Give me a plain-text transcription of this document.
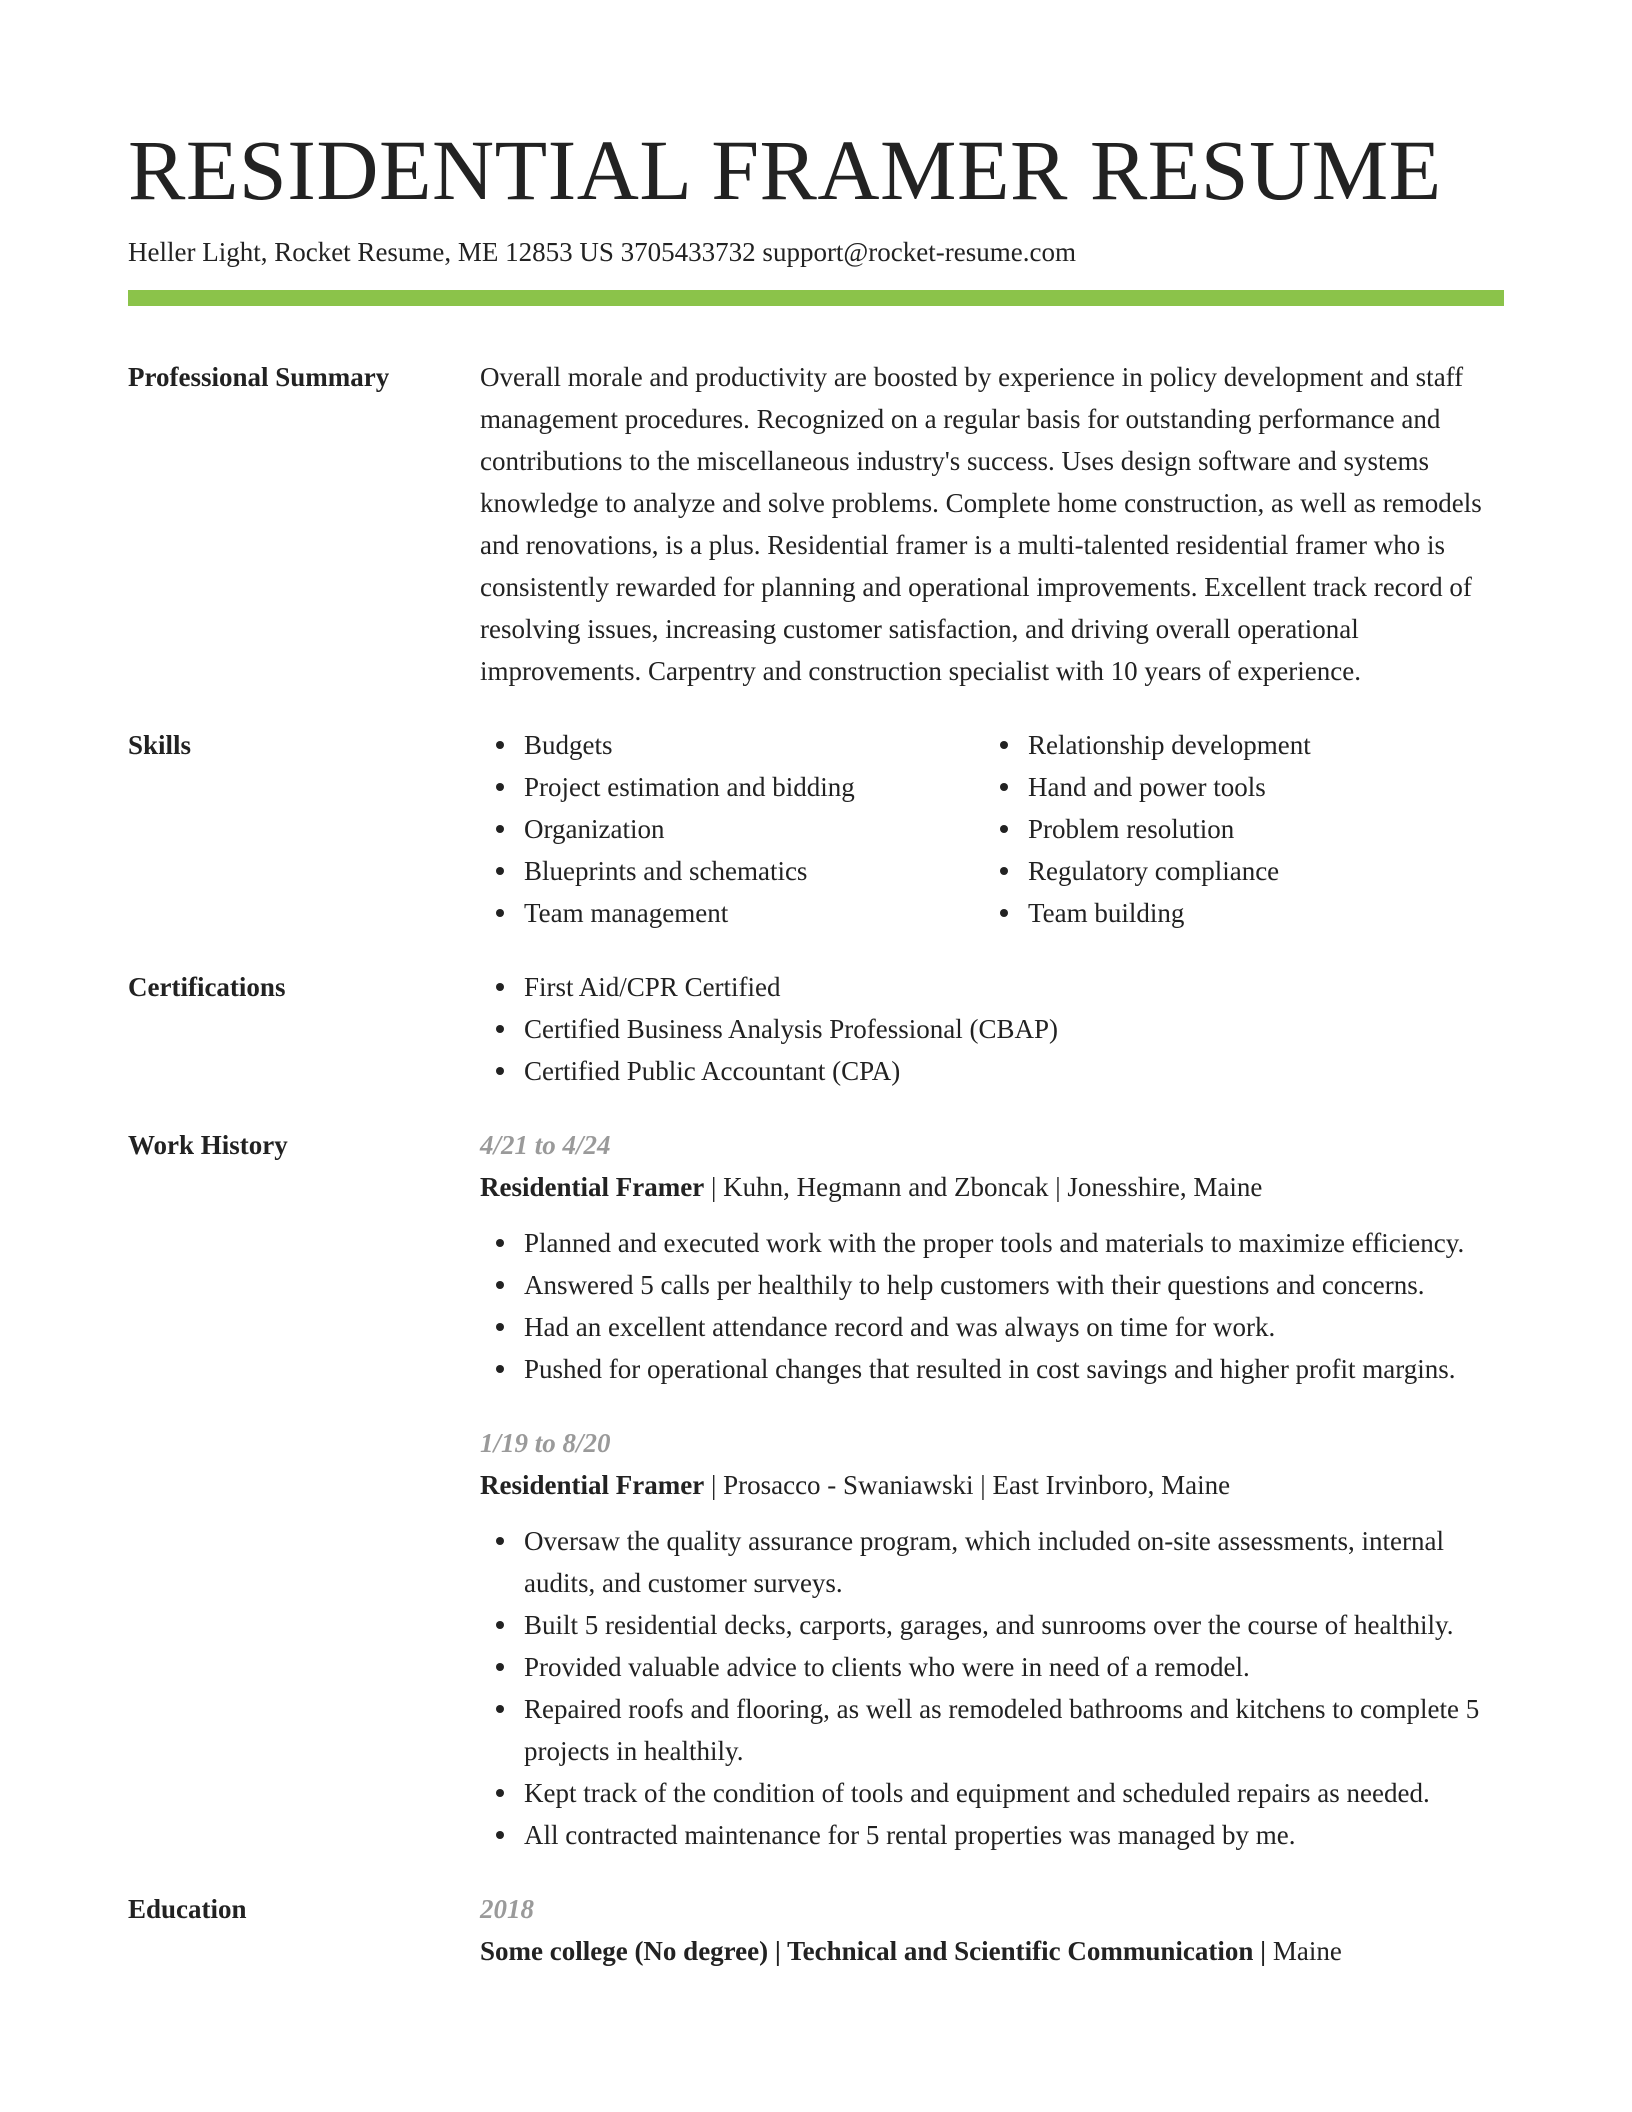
RESIDENTIAL FRAMER RESUME
Heller Light, Rocket Resume, ME 12853 US 3705433732 support@rocket-resume.com
Professional Summary	Overall morale and productivity are boosted by experience in policy development and staff management procedures. Recognized on a regular basis for outstanding performance and contributions to the miscellaneous industry's success. Uses design software and systems knowledge to analyze and solve problems. Complete home construction, as well as remodels and renovations, is a plus. Residential framer is a multi-talented residential framer who is consistently rewarded for planning and operational improvements. Excellent track record of resolving issues, increasing customer satisfaction, and driving overall operational improvements. Carpentry and construction specialist with 10 years of experience.

Skills	Budgets
Project estimation and bidding
Organization
Blueprints and schematics
Team management
Relationship development
Hand and power tools
Problem resolution
Regulatory compliance
Team building
Certifications	First Aid/CPR Certified
Certified Business Analysis Professional (CBAP)
Certified Public Accountant (CPA)
Work History	4/21 to 4/24
Residential Framer | Kuhn, Hegmann and Zboncak | Jonesshire, Maine
Planned and executed work with the proper tools and materials to maximize efficiency.
Answered 5 calls per healthily to help customers with their questions and concerns.
Had an excellent attendance record and was always on time for work.
Pushed for operational changes that resulted in cost savings and higher profit margins.
1/19 to 8/20
Residential Framer | Prosacco - Swaniawski | East Irvinboro, Maine
Oversaw the quality assurance program, which included on-site assessments, internal audits, and customer surveys.
Built 5 residential decks, carports, garages, and sunrooms over the course of healthily.
Provided valuable advice to clients who were in need of a remodel.
Repaired roofs and flooring, as well as remodeled bathrooms and kitchens to complete 5 projects in healthily.
Kept track of the condition of tools and equipment and scheduled repairs as needed.
All contracted maintenance for 5 rental properties was managed by me.
Education	2018
Some college (No degree) | Technical and Scientific Communication | Maine
